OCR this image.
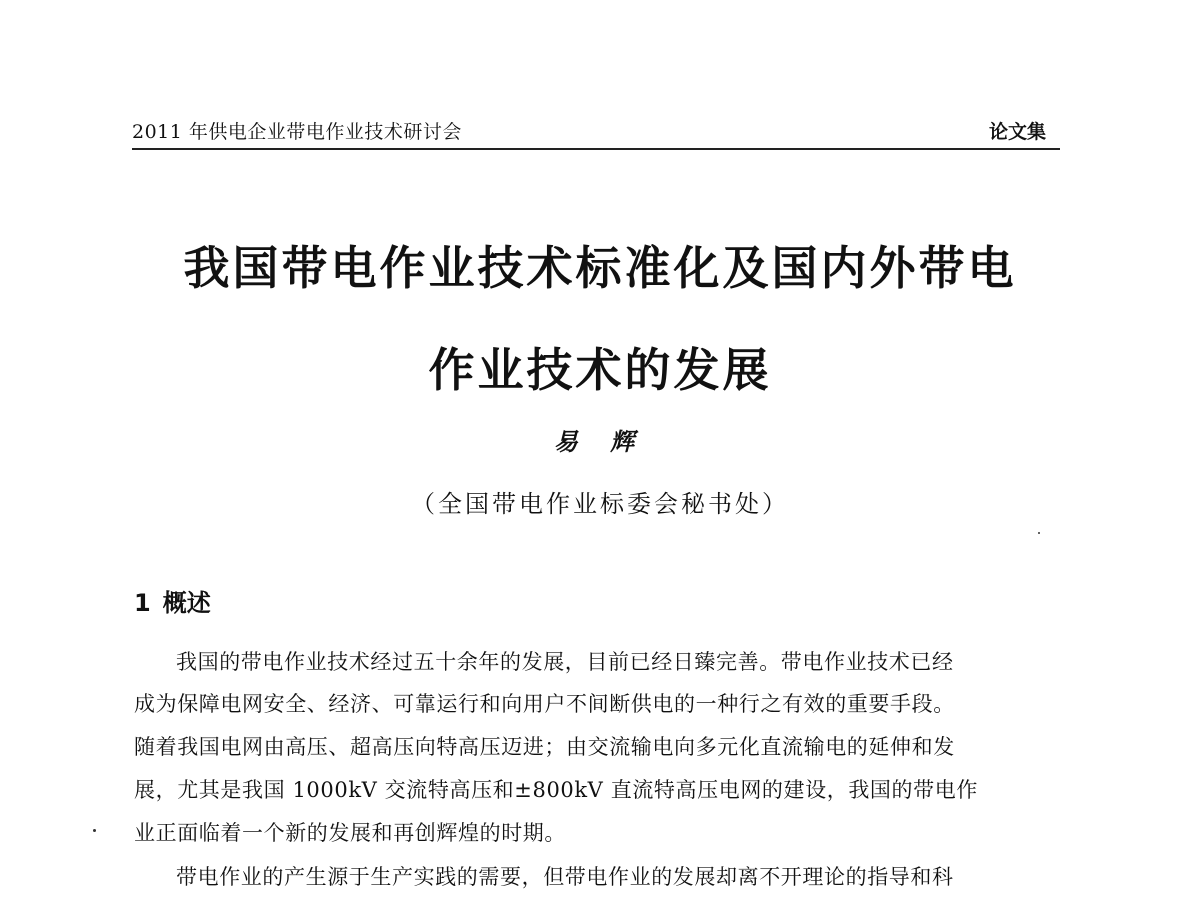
2011 年供电企业带电作业技术研讨会	论文集
我国带电作业技术标准化及国内外带电
作业技术的发展
易 辉
（全国带电作业标委会秘书处）
1 概述
我国的带电作业技术经过五十余年的发展，目前已经日臻完善。带电作业技术已经
成为保障电网安全、经济、可靠运行和向用户不间断供电的一种行之有效的重要手段。
随着我国电网由高压、超高压向特高压迈进；由交流输电向多元化直流输电的延伸和发
展，尤其是我国 1000kV 交流特高压和±800kV 直流特高压电网的建设，我国的带电作
业正面临着一个新的发展和再创辉煌的时期。
带电作业的产生源于生产实践的需要，但带电作业的发展却离不开理论的指导和科
